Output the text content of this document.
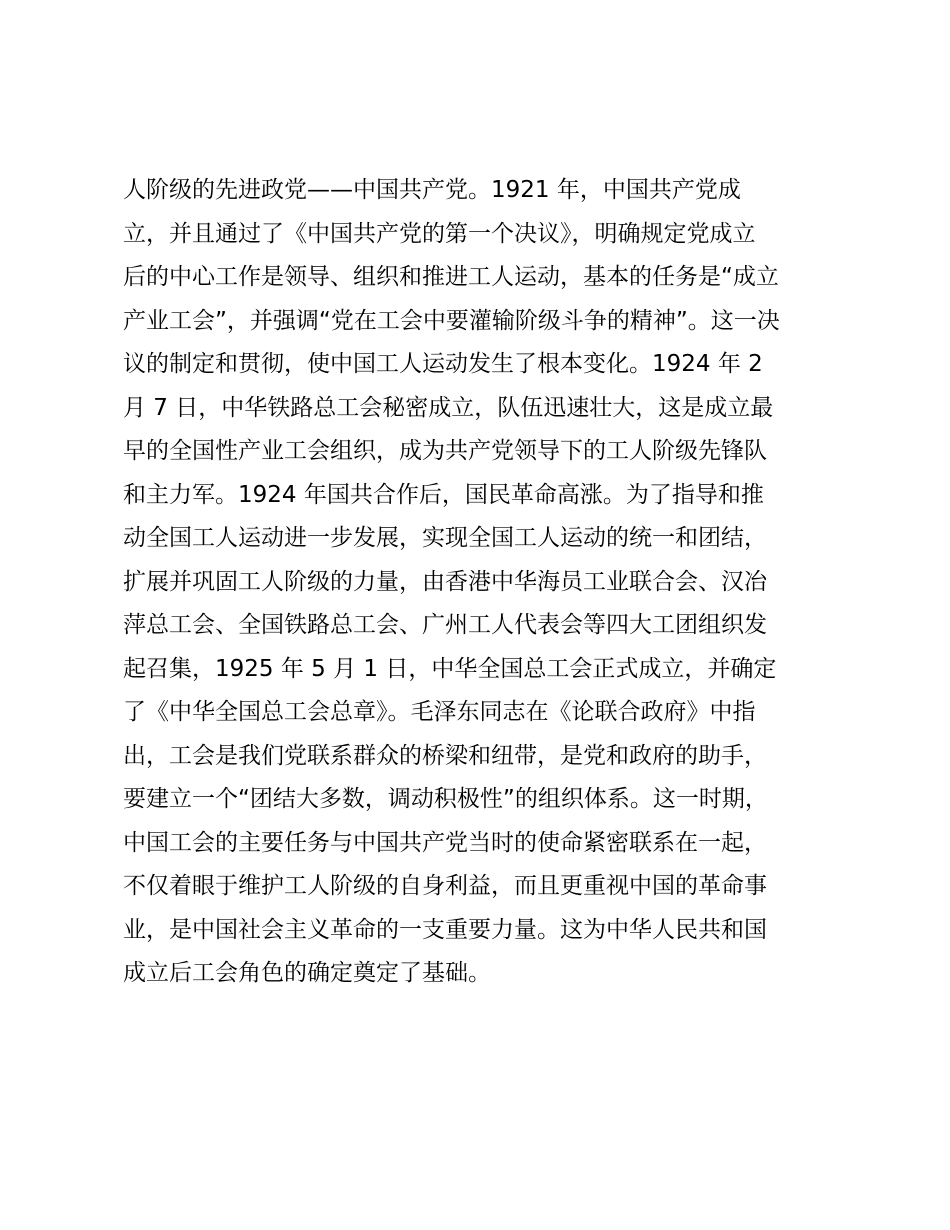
人阶级的先进政党——中国共产党。1921 年，中国共产党成
立，并且通过了《中国共产党的第一个决议》，明确规定党成立
后的中心工作是领导、组织和推进工人运动，基本的任务是“成立
产业工会”，并强调“党在工会中要灌输阶级斗争的精神”。这一决
议的制定和贯彻，使中国工人运动发生了根本变化。1924 年 2
月 7 日，中华铁路总工会秘密成立，队伍迅速壮大，这是成立最
早的全国性产业工会组织，成为共产党领导下的工人阶级先锋队
和主力军。1924 年国共合作后，国民革命高涨。为了指导和推
动全国工人运动进一步发展，实现全国工人运动的统一和团结，
扩展并巩固工人阶级的力量，由香港中华海员工业联合会、汉冶
萍总工会、全国铁路总工会、广州工人代表会等四大工团组织发
起召集，1925 年 5 月 1 日，中华全国总工会正式成立，并确定
了《中华全国总工会总章》。毛泽东同志在《论联合政府》中指
出，工会是我们党联系群众的桥梁和纽带，是党和政府的助手，
要建立一个“团结大多数，调动积极性”的组织体系。这一时期，
中国工会的主要任务与中国共产党当时的使命紧密联系在一起，
不仅着眼于维护工人阶级的自身利益，而且更重视中国的革命事
业，是中国社会主义革命的一支重要力量。这为中华人民共和国
成立后工会角色的确定奠定了基础。
